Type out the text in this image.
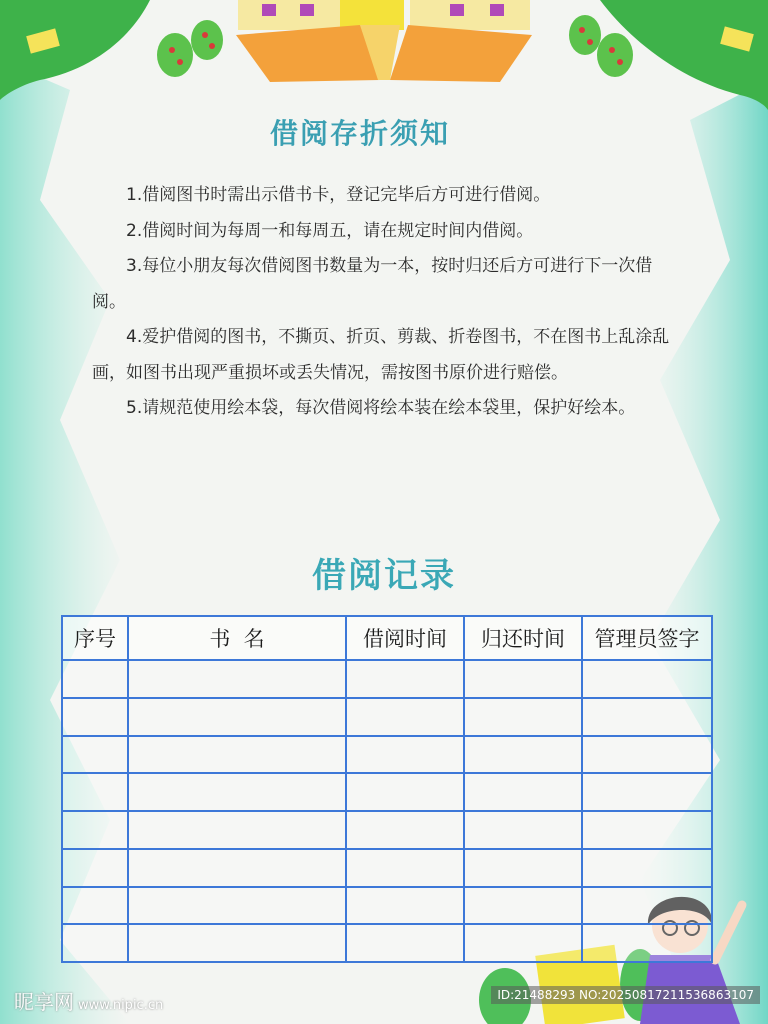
借阅存折须知

1.借阅图书时需出示借书卡，登记完毕后方可进行借阅。

2.借阅时间为每周一和每周五，请在规定时间内借阅。

3.每位小朋友每次借阅图书数量为一本，按时归还后方可进行下一次借阅。

4.爱护借阅的图书，不撕页、折页、剪裁、折卷图书，不在图书上乱涂乱画，如图书出现严重损坏或丢失情况，需按图书原价进行赔偿。

5.请规范使用绘本袋，每次借阅将绘本装在绘本袋里，保护好绘本。

借阅记录
序号	书  名	借阅时间	归还时间	管理员签字

昵享网 www.nipic.cn
ID:21488293 NO:20250817211536863107
